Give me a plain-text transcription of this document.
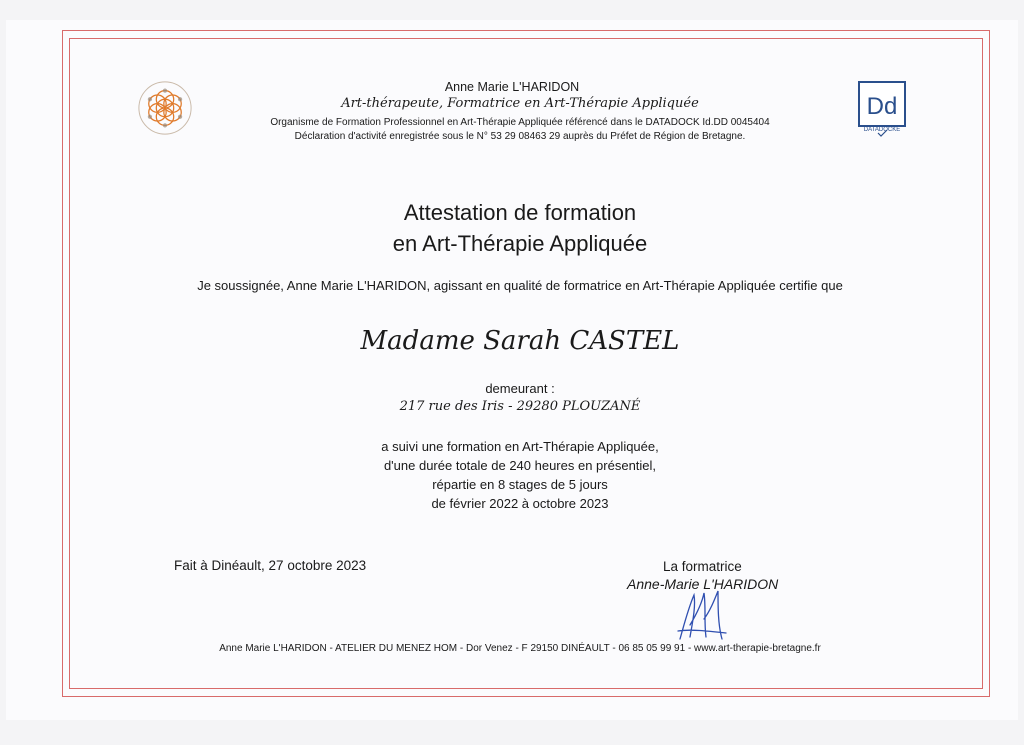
Dd
DATADOCKÉ
Anne Marie L'HARIDON
Art-thérapeute, Formatrice en Art-Thérapie Appliquée
Organisme de Formation Professionnel en Art-Thérapie Appliquée référencé dans le DATADOCK Id.DD 0045404
Déclaration d'activité enregistrée sous le N° 53 29 08463 29 auprès du Préfet de Région de Bretagne.
Attestation de formation
en Art-Thérapie Appliquée
Je soussignée, Anne Marie L'HARIDON, agissant en qualité de formatrice en Art-Thérapie Appliquée certifie que
Madame Sarah CASTEL
demeurant :
217 rue des Iris - 29280 PLOUZANÉ
a suivi une formation en Art-Thérapie Appliquée,
d'une durée totale de 240 heures en présentiel,
répartie en 8 stages de 5 jours
de février 2022 à octobre 2023
Fait à Dinéault, 27 octobre 2023	La formatrice
Anne-Marie L'HARIDON
Anne Marie L'HARIDON - ATELIER DU MENEZ HOM - Dor Venez - F 29150 DINÉAULT - 06 85 05 99 91 - www.art-therapie-bretagne.fr
